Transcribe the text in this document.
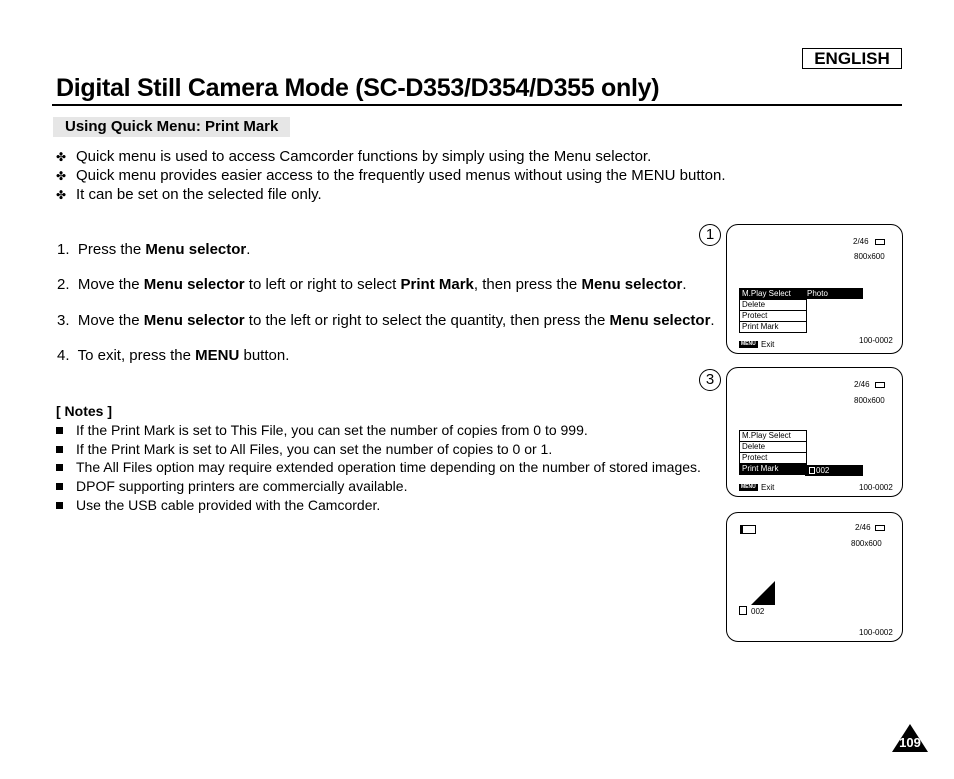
ENGLISH
Digital Still Camera Mode (SC-D353/D354/D355 only)
Using Quick Menu: Print Mark
✤ Quick menu is used to access Camcorder functions by simply using the Menu selector.
✤ Quick menu provides easier access to the frequently used menus without using the MENU button.
✤ It can be set on the selected file only.
1. Press the Menu selector.
2. Move the Menu selector to left or right to select Print Mark, then press the Menu selector.
3. Move the Menu selector to the left or right to select the quantity, then press the Menu selector.
4. To exit, press the MENU button.
[ Notes ]
If the Print Mark is set to This File, you can set the number of copies from 0 to 999.
If the Print Mark is set to All Files, you can set the number of copies to 0 or 1.
The All Files option may require extended operation time depending on the number of stored images.
DPOF supporting printers are commercially available.
Use the USB cable provided with the Camcorder.
1	2/46
800x600
M.Play Select
Delete
Protect
Print Mark
Photo
MENU Exit	100-0002
3	2/46
800x600
M.Play Select
Delete
Protect
Print Mark	002
MENU Exit	100-0002
2/46
800x600
002
100-0002
109
